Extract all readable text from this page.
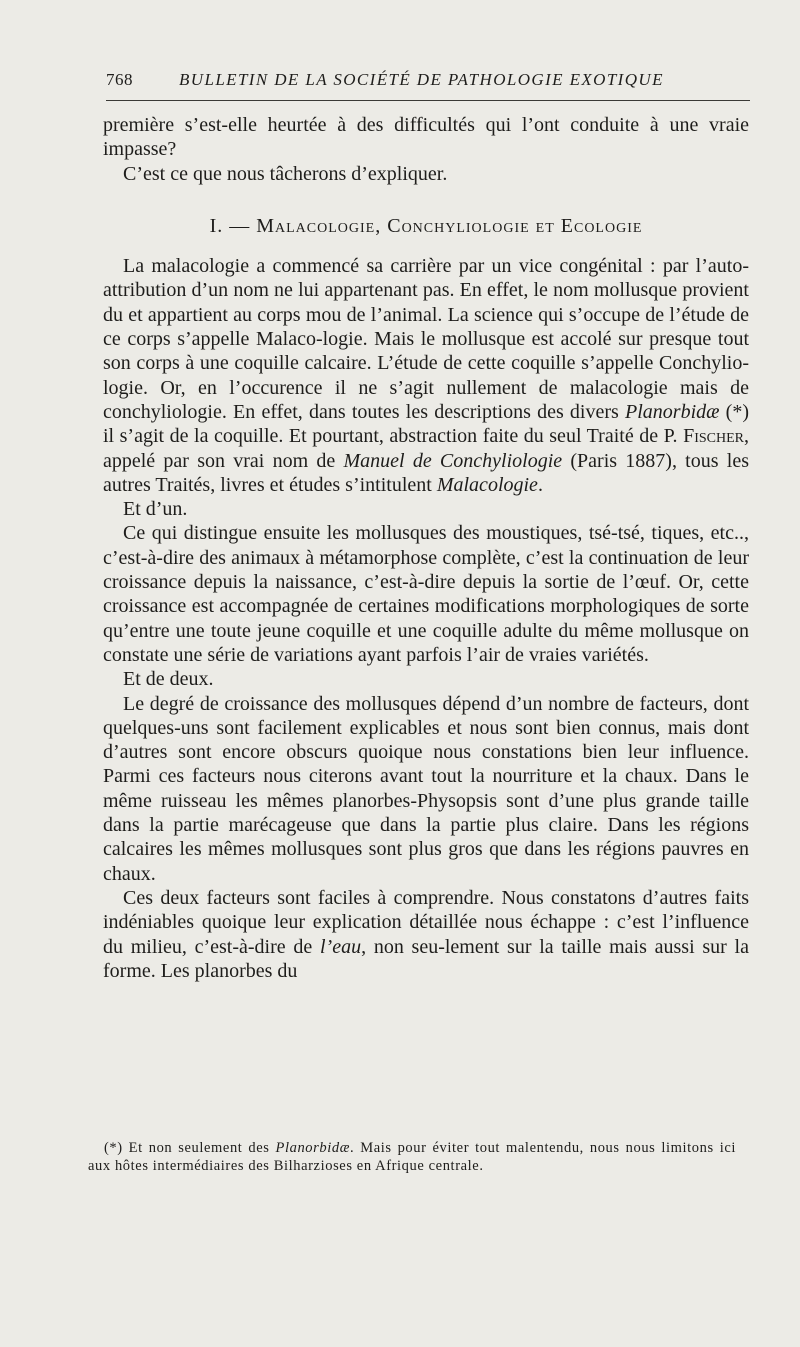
768	BULLETIN DE LA SOCIÉTÉ DE PATHOLOGIE EXOTIQUE

première s’est-elle heurtée à des difficultés qui l’ont conduite à une vraie impasse?

C’est ce que nous tâcherons d’expliquer.

I. — Malacologie, Conchyliologie et Ecologie

La malacologie a commencé sa carrière par un vice congénital : par l’auto-attribution d’un nom ne lui appartenant pas. En effet, le nom mollusque provient du et appartient au corps mou de l’animal. La science qui s’occupe de l’étude de ce corps s’appelle Malaco-logie. Mais le mollusque est accolé sur presque tout son corps à une coquille calcaire. L’étude de cette coquille s’appelle Conchylio-logie. Or, en l’occurence il ne s’agit nullement de malacologie mais de conchyliologie. En effet, dans toutes les descriptions des divers Planorbidæ (*) il s’agit de la coquille. Et pourtant, abstraction faite du seul Traité de P. Fischer, appelé par son vrai nom de Manuel de Conchyliologie (Paris 1887), tous les autres Traités, livres et études s’intitulent Malacologie.

Et d’un.

Ce qui distingue ensuite les mollusques des moustiques, tsé-tsé, tiques, etc.., c’est-à-dire des animaux à métamorphose complète, c’est la continuation de leur croissance depuis la naissance, c’est-à-dire depuis la sortie de l’œuf. Or, cette croissance est accompagnée de certaines modifications morphologiques de sorte qu’entre une toute jeune coquille et une coquille adulte du même mollusque on constate une série de variations ayant parfois l’air de vraies variétés.

Et de deux.

Le degré de croissance des mollusques dépend d’un nombre de facteurs, dont quelques-uns sont facilement explicables et nous sont bien connus, mais dont d’autres sont encore obscurs quoique nous constations bien leur influence. Parmi ces facteurs nous citerons avant tout la nourriture et la chaux. Dans le même ruisseau les mêmes planorbes-Physopsis sont d’une plus grande taille dans la partie marécageuse que dans la partie plus claire. Dans les régions calcaires les mêmes mollusques sont plus gros que dans les régions pauvres en chaux.

Ces deux facteurs sont faciles à comprendre. Nous constatons d’autres faits indéniables quoique leur explication détaillée nous échappe : c’est l’influence du milieu, c’est-à-dire de l’eau, non seu-lement sur la taille mais aussi sur la forme. Les planorbes du

(*) Et non seulement des Planorbidæ. Mais pour éviter tout malentendu, nous nous limitons ici aux hôtes intermédiaires des Bilharzioses en Afrique centrale.
